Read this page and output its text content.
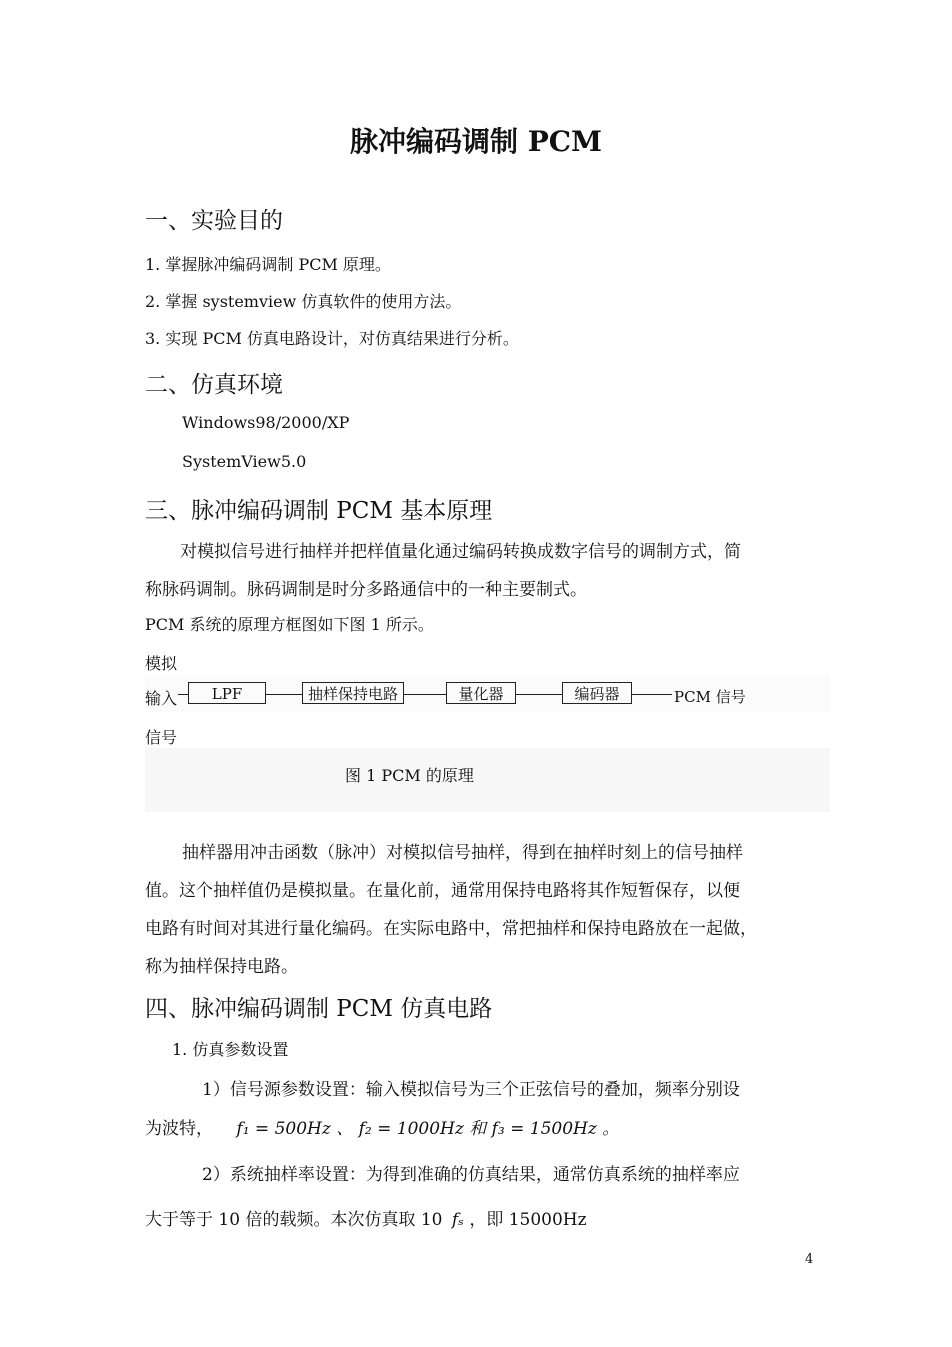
脉冲编码调制 PCM
一、实验目的
1. 掌握脉冲编码调制 PCM 原理。
2. 掌握 systemview 仿真软件的使用方法。
3. 实现 PCM 仿真电路设计，对仿真结果进行分析。
二、仿真环境
Windows98/2000/XP
SystemView5.0
三、脉冲编码调制 PCM 基本原理
对模拟信号进行抽样并把样值量化通过编码转换成数字信号的调制方式，简
称脉码调制。脉码调制是时分多路通信中的一种主要制式。
PCM 系统的原理方框图如下图 1 所示。
模拟
输入
信号
LPF	抽样保持电路	量化器	编码器	PCM 信号
图 1 PCM 的原理
抽样器用冲击函数（脉冲）对模拟信号抽样，得到在抽样时刻上的信号抽样
值。这个抽样值仍是模拟量。在量化前，通常用保持电路将其作短暂保存，以便
电路有时间对其进行量化编码。在实际电路中，常把抽样和保持电路放在一起做，
称为抽样保持电路。
四、脉冲编码调制 PCM 仿真电路
1. 仿真参数设置
1）信号源参数设置：输入模拟信号为三个正弦信号的叠加，频率分别设
为波特， f₁ = 500Hz 、 f₂ = 1000Hz 和 f₃ = 1500Hz 。
2）系统抽样率设置：为得到准确的仿真结果，通常仿真系统的抽样率应
大于等于 10 倍的载频。本次仿真取 10 fₛ ，即 15000Hz
4
